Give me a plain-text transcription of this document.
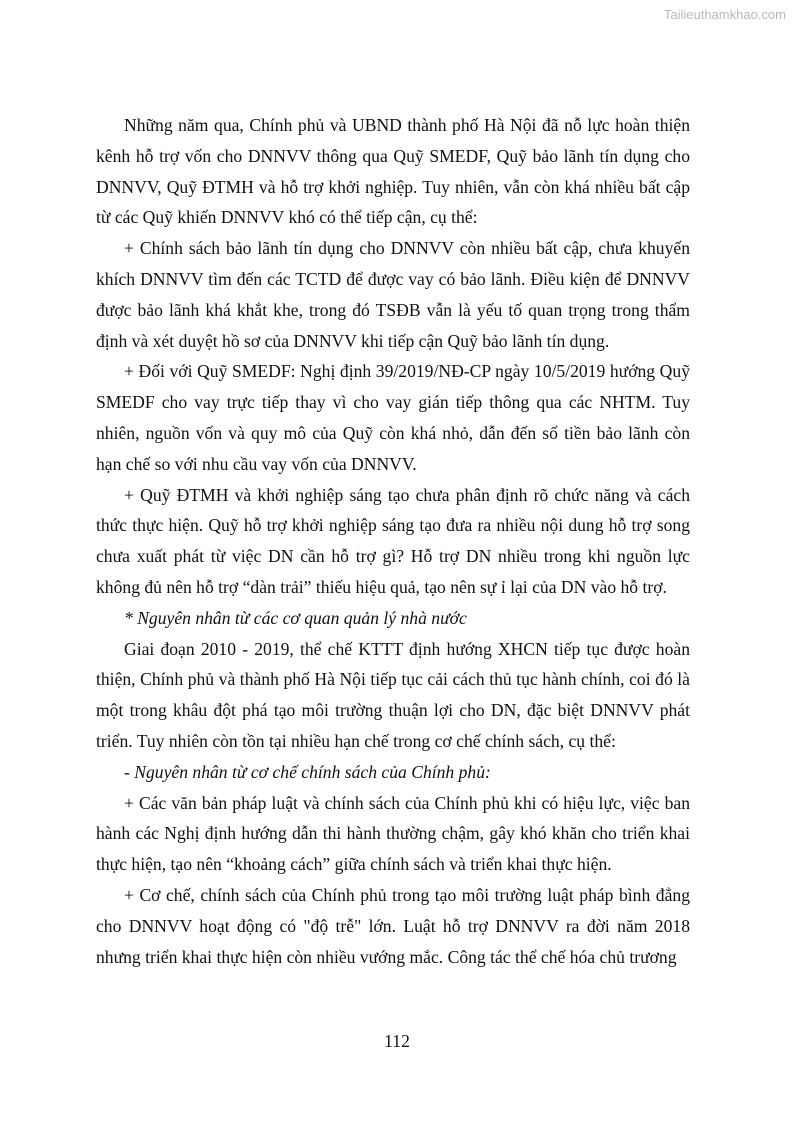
Tailieuthamkhao.com

Những năm qua, Chính phủ và UBND thành phố Hà Nội đã nỗ lực hoàn thiện kênh hỗ trợ vốn cho DNNVV thông qua Quỹ SMEDF, Quỹ bảo lãnh tín dụng cho DNNVV, Quỹ ĐTMH và hỗ trợ khởi nghiệp. Tuy nhiên, vẫn còn khá nhiều bất cập từ các Quỹ khiến DNNVV khó có thể tiếp cận, cụ thể:

+ Chính sách bảo lãnh tín dụng cho DNNVV còn nhiều bất cập, chưa khuyến khích DNNVV tìm đến các TCTD để được vay có bảo lãnh. Điều kiện để DNNVV được bảo lãnh khá khắt khe, trong đó TSĐB vẫn là yếu tố quan trọng trong thẩm định và xét duyệt hồ sơ của DNNVV khi tiếp cận Quỹ bảo lãnh tín dụng.

+ Đối với Quỹ SMEDF: Nghị định 39/2019/NĐ-CP ngày 10/5/2019 hướng Quỹ SMEDF cho vay trực tiếp thay vì cho vay gián tiếp thông qua các NHTM. Tuy nhiên, nguồn vốn và quy mô của Quỹ còn khá nhỏ, dẫn đến số tiền bảo lãnh còn hạn chế so với nhu cầu vay vốn của DNNVV.

+ Quỹ ĐTMH và khởi nghiệp sáng tạo chưa phân định rõ chức năng và cách thức thực hiện. Quỹ hỗ trợ khởi nghiệp sáng tạo đưa ra nhiều nội dung hỗ trợ song chưa xuất phát từ việc DN cần hỗ trợ gì? Hỗ trợ DN nhiều trong khi nguồn lực không đủ nên hỗ trợ “dàn trải” thiếu hiệu quả, tạo nên sự ỉ lại của DN vào hỗ trợ.

* Nguyên nhân từ các cơ quan quản lý nhà nước

Giai đoạn 2010 - 2019, thể chế KTTT định hướng XHCN tiếp tục được hoàn thiện, Chính phủ và thành phố Hà Nội tiếp tục cải cách thủ tục hành chính, coi đó là một trong khâu đột phá tạo môi trường thuận lợi cho DN, đặc biệt DNNVV phát triển. Tuy nhiên còn tồn tại nhiều hạn chế trong cơ chế chính sách, cụ thể:

- Nguyên nhân từ cơ chế chính sách của Chính phủ:

+ Các văn bản pháp luật và chính sách của Chính phủ khi có hiệu lực, việc ban hành các Nghị định hướng dẫn thi hành thường chậm, gây khó khăn cho triển khai thực hiện, tạo nên “khoảng cách” giữa chính sách và triển khai thực hiện.

+ Cơ chế, chính sách của Chính phủ trong tạo môi trường luật pháp bình đẳng cho DNNVV hoạt động có "độ trễ" lớn. Luật hỗ trợ DNNVV ra đời năm 2018 nhưng triển khai thực hiện còn nhiều vướng mắc. Công tác thể chế hóa chủ trương

112
